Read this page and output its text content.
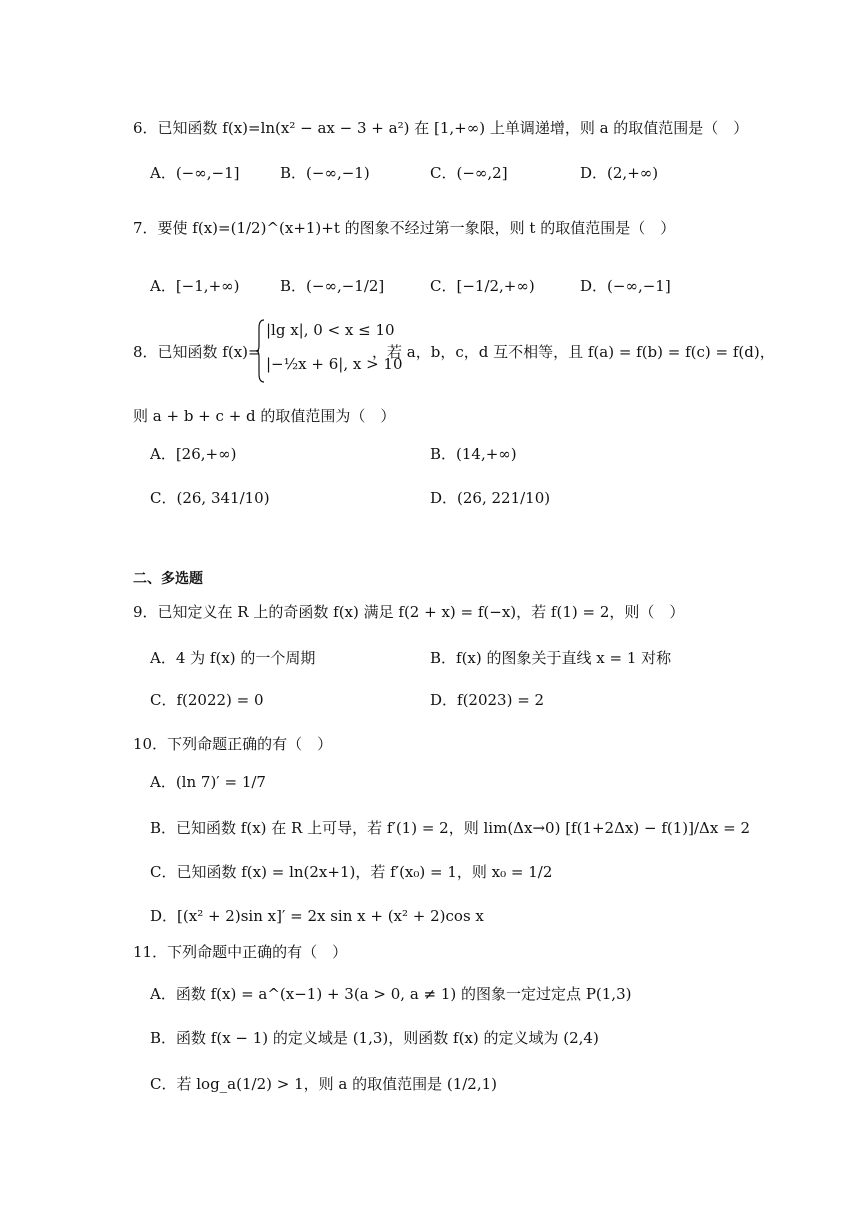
6．已知函数 f(x)=ln(x² − ax − 3 + a²) 在 [1,+∞) 上单调递增，则 a 的取值范围是（　）
A．(−∞,−1]	B．(−∞,−1)	C．(−∞,2]	D．(2,+∞)
7．要使 f(x)=(1/2)^(x+1)+t 的图象不经过第一象限，则 t 的取值范围是（　）
A．[−1,+∞)	B．(−∞,−1/2]	C．[−1/2,+∞)	D．(−∞,−1]
8．已知函数 f(x)=
|lg x|, 0 < x ≤ 10
|−½x + 6|, x > 10
，若 a，b，c，d 互不相等，且 f(a) = f(b) = f(c) = f(d)，
则 a + b + c + d 的取值范围为（　）
A．[26,+∞)	B．(14,+∞)
C．(26, 341/10)	D．(26, 221/10)
二、多选题
9．已知定义在 R 上的奇函数 f(x) 满足 f(2 + x) = f(−x)，若 f(1) = 2，则（　）
A．4 为 f(x) 的一个周期	B．f(x) 的图象关于直线 x = 1 对称
C．f(2022) = 0	D．f(2023) = 2
10．下列命题正确的有（　）
A．(ln 7)′ = 1/7
B．已知函数 f(x) 在 R 上可导，若 f′(1) = 2，则 lim(Δx→0) [f(1+2Δx) − f(1)]/Δx = 2
C．已知函数 f(x) = ln(2x+1)，若 f′(x₀) = 1，则 x₀ = 1/2
D．[(x² + 2)sin x]′ = 2x sin x + (x² + 2)cos x
11．下列命题中正确的有（　）
A．函数 f(x) = a^(x−1) + 3(a > 0, a ≠ 1) 的图象一定过定点 P(1,3)
B．函数 f(x − 1) 的定义域是 (1,3)，则函数 f(x) 的定义域为 (2,4)
C．若 log_a(1/2) > 1，则 a 的取值范围是 (1/2,1)
